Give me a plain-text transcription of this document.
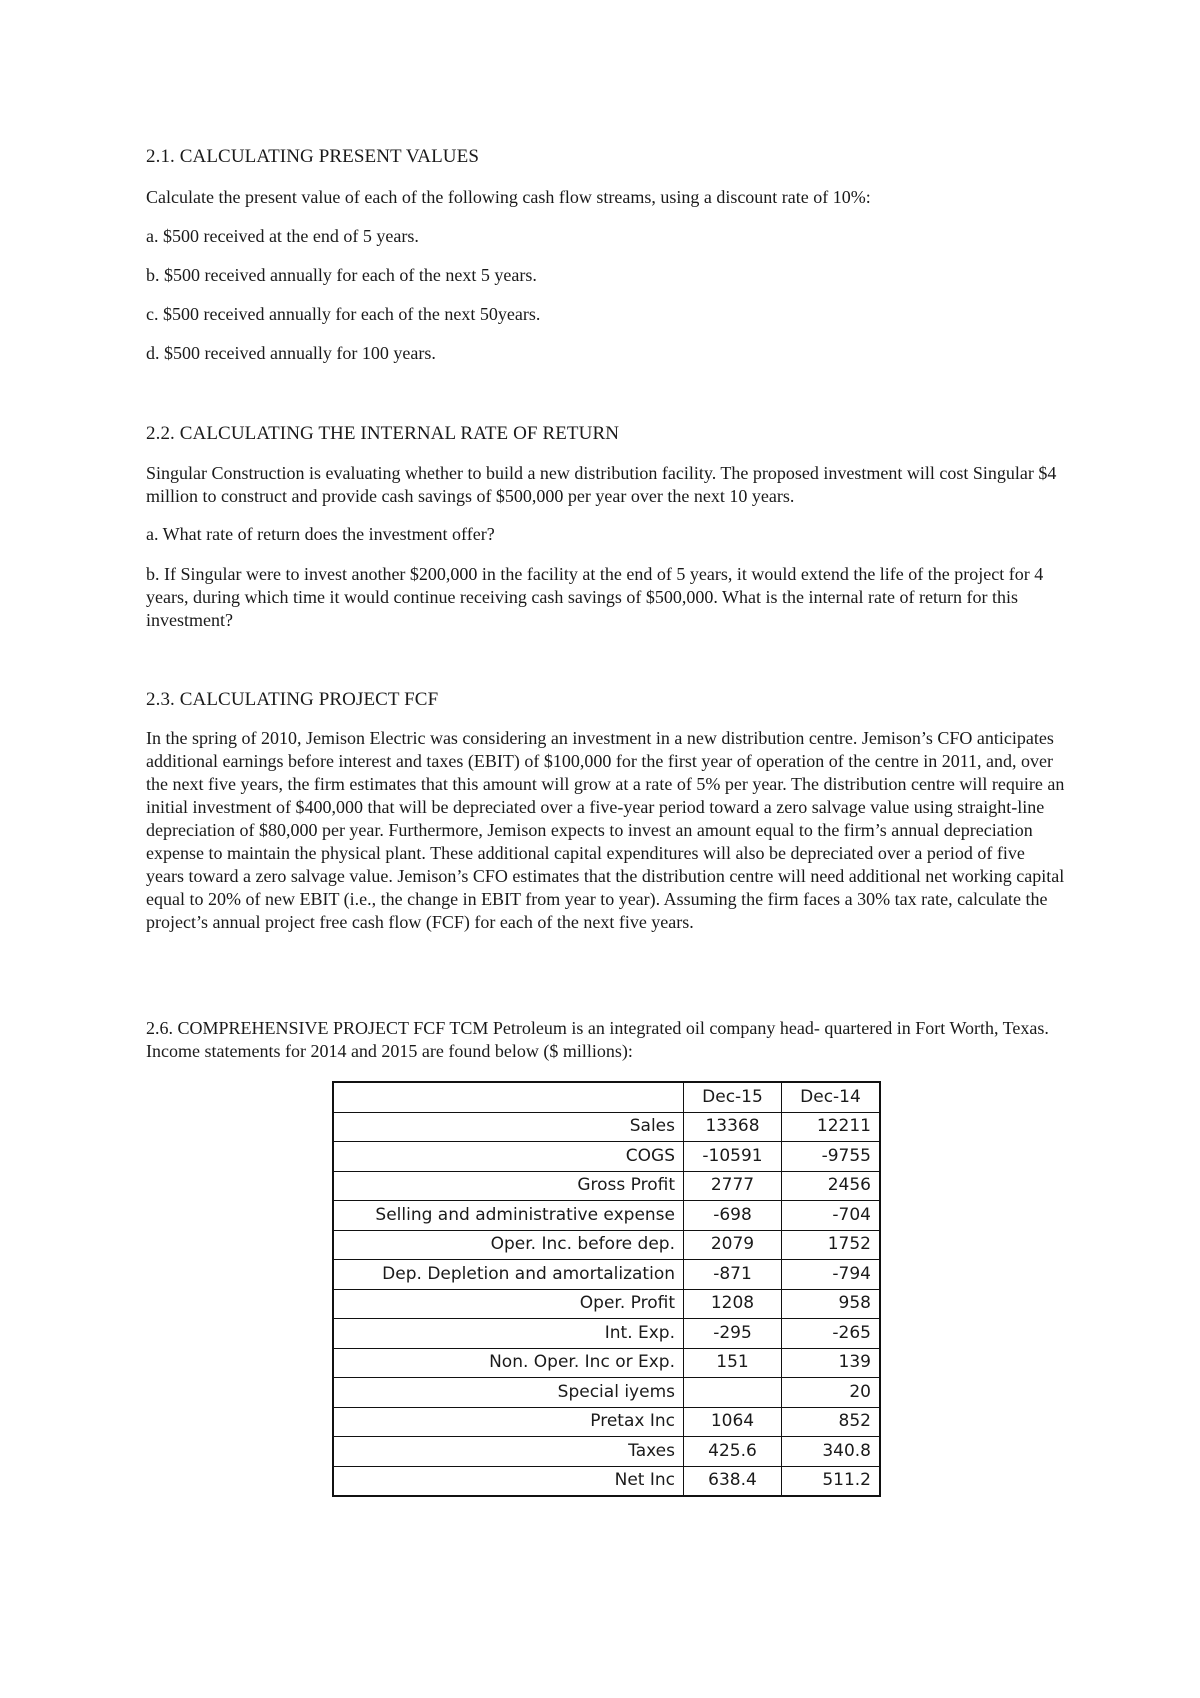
2.1. CALCULATING PRESENT VALUES
Calculate the present value of each of the following cash flow streams, using a discount rate of 10%:
a. $500 received at the end of 5 years.
b. $500 received annually for each of the next 5 years.
c. $500 received annually for each of the next 50years.
d. $500 received annually for 100 years.
2.2. CALCULATING THE INTERNAL RATE OF RETURN
Singular Construction is evaluating whether to build a new distribution facility. The proposed investment will cost Singular $4 million to construct and provide cash savings of $500,000 per year over the next 10 years.
a. What rate of return does the investment offer?
b. If Singular were to invest another $200,000 in the facility at the end of 5 years, it would extend the life of the project for 4 years, during which time it would continue receiving cash savings of $500,000. What is the internal rate of return for this investment?
2.3. CALCULATING PROJECT FCF
In the spring of 2010, Jemison Electric was considering an investment in a new distribution centre. Jemison’s CFO anticipates additional earnings before interest and taxes (EBIT) of $100,000 for the first year of operation of the centre in 2011, and, over the next five years, the firm estimates that this amount will grow at a rate of 5% per year. The distribution centre will require an initial investment of $400,000 that will be depreciated over a five-year period toward a zero salvage value using straight-line depreciation of $80,000 per year. Furthermore, Jemison expects to invest an amount equal to the firm’s annual depreciation expense to maintain the physical plant. These additional capital expenditures will also be depreciated over a period of five years toward a zero salvage value. Jemison’s CFO estimates that the distribution centre will need additional net working capital equal to 20% of new EBIT (i.e., the change in EBIT from year to year). Assuming the firm faces a 30% tax rate, calculate the project’s annual project free cash flow (FCF) for each of the next five years.
2.6. COMPREHENSIVE PROJECT FCF TCM Petroleum is an integrated oil company head- quartered in Fort Worth, Texas. Income statements for 2014 and 2015 are found below ($ millions):
	Dec-15	Dec-14
Sales	13368	12211
COGS	-10591	-9755
Gross Profit	2777	2456
Selling and administrative expense	-698	-704
Oper. Inc. before dep.	2079	1752
Dep. Depletion and amortalization	-871	-794
Oper. Profit	1208	958
Int. Exp.	-295	-265
Non. Oper. Inc or Exp.	151	139
Special iyems		20
Pretax Inc	1064	852
Taxes	425.6	340.8
Net Inc	638.4	511.2
